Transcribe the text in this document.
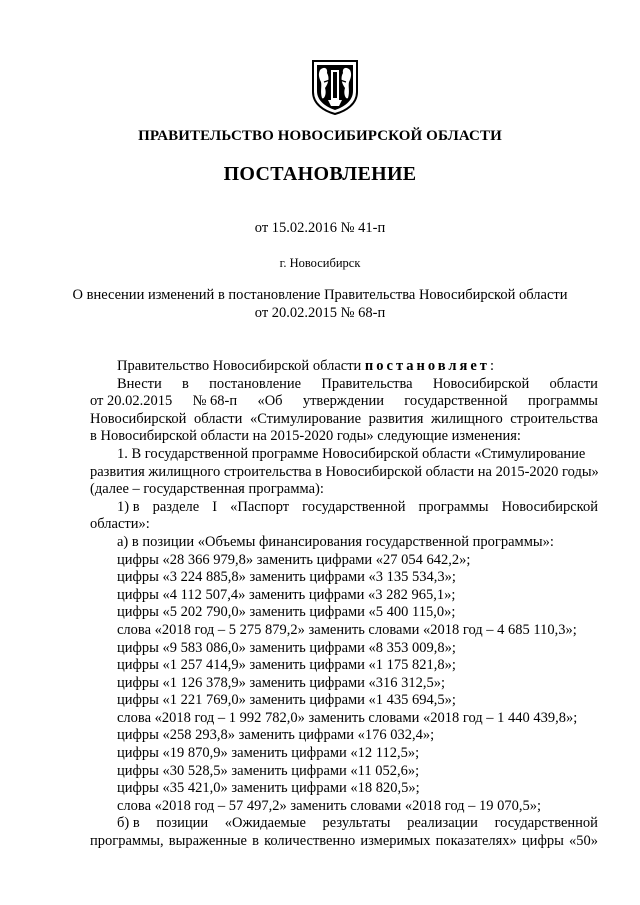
ПРАВИТЕЛЬСТВО НОВОСИБИРСКОЙ ОБЛАСТИ
ПОСТАНОВЛЕНИЕ
от 15.02.2016 № 41-п
г. Новосибирск
О внесении изменений в постановление Правительства Новосибирской области
от 20.02.2015 № 68-п

Правительство Новосибирской области постановляет:

Внести в постановление Правительства Новосибирской области
от 20.02.2015 № 68-п «Об утверждении государственной программы
Новосибирской области «Стимулирование развития жилищного строительства

в Новосибирской области на 2015-2020 годы» следующие изменения:

1. В государственной программе Новосибирской области «Стимулирование

развития жилищного строительства в Новосибирской области на 2015-2020 годы»

(далее – государственная программа):

1) в разделе I «Паспорт государственной программы Новосибирской

области»:

а) в позиции «Объемы финансирования государственной программы»:

цифры «28 366 979,8» заменить цифрами «27 054 642,2»;

цифры «3 224 885,8» заменить цифрами «3 135 534,3»;

цифры «4 112 507,4» заменить цифрами «3 282 965,1»;

цифры «5 202 790,0» заменить цифрами «5 400 115,0»;

слова «2018 год – 5 275 879,2» заменить словами «2018 год – 4 685 110,3»;

цифры «9 583 086,0» заменить цифрами «8 353 009,8»;

цифры «1 257 414,9» заменить цифрами «1 175 821,8»;

цифры «1 126 378,9» заменить цифрами «316 312,5»;

цифры «1 221 769,0» заменить цифрами «1 435 694,5»;

слова «2018 год – 1 992 782,0» заменить словами «2018 год – 1 440 439,8»;

цифры «258 293,8» заменить цифрами «176 032,4»;

цифры «19 870,9» заменить цифрами «12 112,5»;

цифры «30 528,5» заменить цифрами «11 052,6»;

цифры «35 421,0» заменить цифрами «18 820,5»;

слова «2018 год – 57 497,2» заменить словами «2018 год – 19 070,5»;

б) в позиции «Ожидаемые результаты реализации государственной
программы, выраженные в количественно измеримых показателях» цифры «50»
